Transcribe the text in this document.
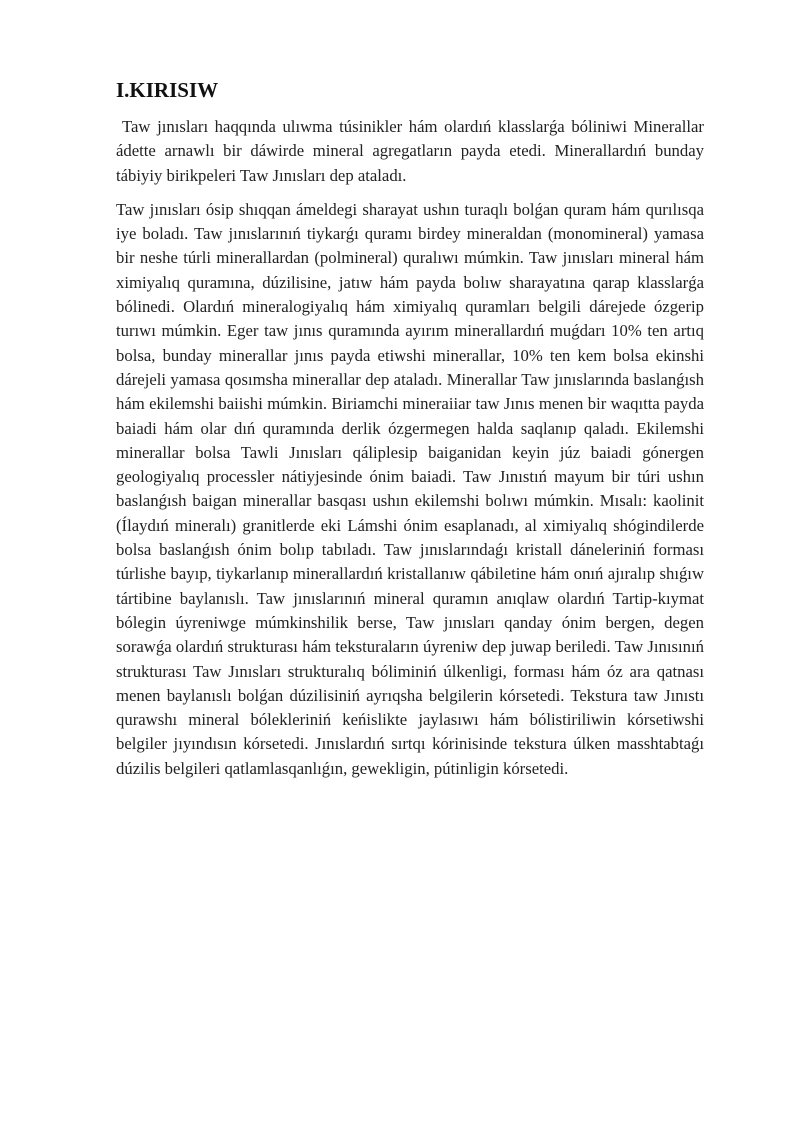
I.KIRISIW

Taw jınısları haqqında ulıwma túsinikler hám olardıń klasslarǵa bóliniwi Minerallar ádette arnawlı bir dáwirde mineral agregatların payda etedi. Minerallardıń bunday tábiyiy birikpeleri Taw Jınısları dep ataladı.

Taw jınısları ósip shıqqan ámeldegi sharayat ushın turaqlı bolǵan quram hám qurılısqa iye boladı. Taw jınıslarınıń tiykarǵı quramı birdey mineraldan (monomineral) yamasa bir neshe túrli minerallardan (polmineral) quralıwı múmkin. Taw jınısları mineral hám ximiyalıq quramına, dúzilisine, jatıw hám payda bolıw sharayatına qarap klasslarǵa bólinedi. Olardıń mineralogiyalıq hám ximiyalıq quramları belgili dárejede ózgerip turıwı múmkin. Eger taw jınıs quramında ayırım minerallardıń muǵdarı 10% ten artıq bolsa, bunday minerallar jınıs payda etiwshi minerallar, 10% ten kem bolsa ekinshi dárejeli yamasa qosımsha minerallar dep ataladı. Minerallar Taw jınıslarında baslanǵısh hám ekilemshi baiishi múmkin. Biriamchi mineraiiar taw Jınıs menen bir waqıtta payda baiadi hám olar dıń quramında derlik ózgermegen halda saqlanıp qaladı. Ekilemshi minerallar bolsa Tawli Jınısları qáliplesip baiganidan keyin júz baiadi gónergen geologiyalıq processler nátiyjesinde ónim baiadi. Taw Jınıstıń mayum bir túri ushın baslanǵısh baigan minerallar basqası ushın ekilemshi bolıwı múmkin. Mısalı: kaolinit (Ílaydıń mineralı) granitlerde eki Lámshi ónim esaplanadı, al ximiyalıq shógindilerde bolsa baslanǵısh ónim bolıp tabıladı. Taw jınıslarındaǵı kristall dáneleriniń forması túrlishe bayıp, tiykarlanıp minerallardıń kristallanıw qábiletine hám onıń ajıralıp shıǵıw tártibine baylanıslı. Taw jınıslarınıń mineral quramın anıqlaw olardıń Tartip-kıymat bólegin úyreniwge múmkinshilik berse, Taw jınısları qanday ónim bergen, degen sorawǵa olardıń strukturası hám teksturaların úyreniw dep juwap beriledi. Taw Jınısınıń strukturası Taw Jınısları strukturalıq bóliminiń úlkenligi, forması hám óz ara qatnası menen baylanıslı bolǵan dúzilisiniń ayrıqsha belgilerin kórsetedi. Tekstura taw Jınıstı qurawshı mineral bólekleriniń keńislikte jaylasıwı hám bólistiriliwin kórsetiwshi belgiler jıyındısın kórsetedi. Jınıslardıń sırtqı kórinisinde tekstura úlken masshtabtaǵı dúzilis belgileri qatlamlasqanlıǵın, gewekligin, pútinligin kórsetedi.
